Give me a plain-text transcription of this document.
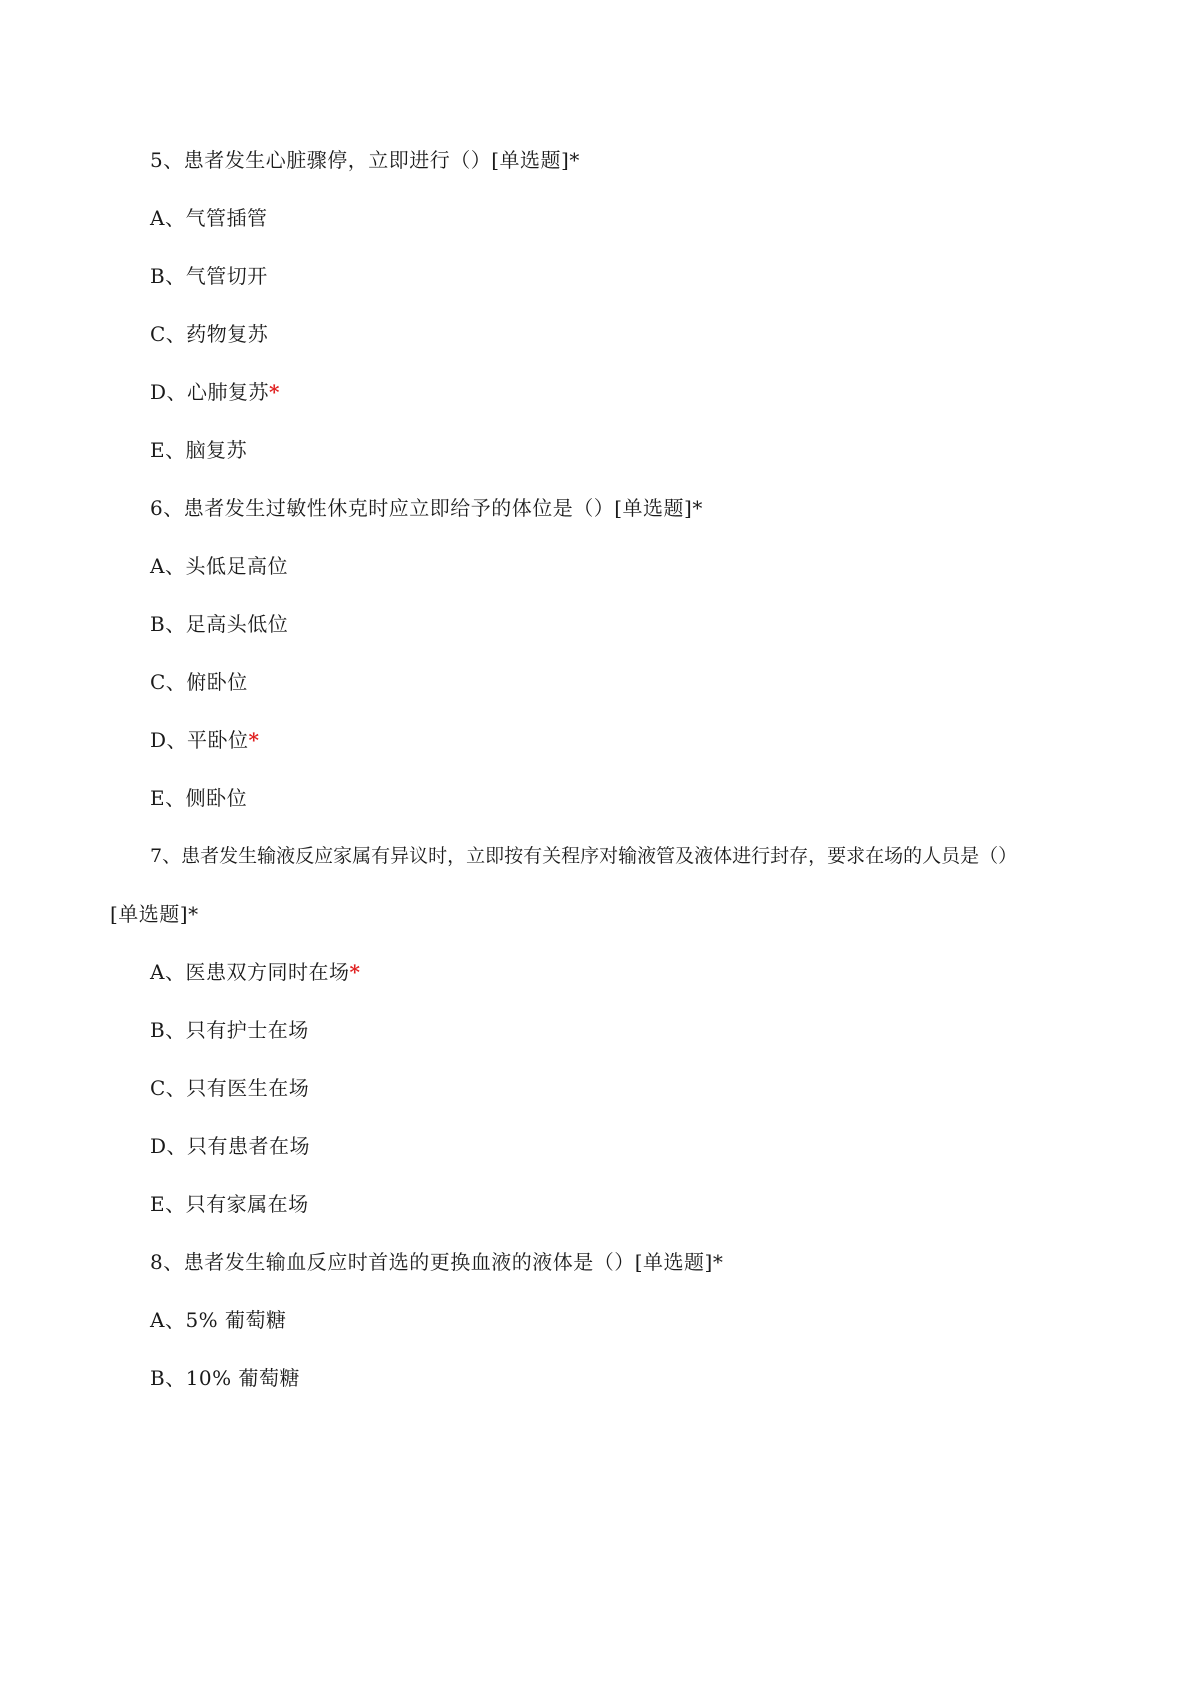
5、患者发生心脏骤停，立即进行（）[单选题]*
A、气管插管
B、气管切开
C、药物复苏
D、心肺复苏*
E、脑复苏
6、患者发生过敏性休克时应立即给予的体位是（）[单选题]*
A、头低足高位
B、足高头低位
C、俯卧位
D、平卧位*
E、侧卧位
7、患者发生输液反应家属有异议时，立即按有关程序对输液管及液体进行封存，要求在场的人员是（）
[单选题]*
A、医患双方同时在场*
B、只有护士在场
C、只有医生在场
D、只有患者在场
E、只有家属在场
8、患者发生输血反应时首选的更换血液的液体是（）[单选题]*
A、5% 葡萄糖
B、10% 葡萄糖
